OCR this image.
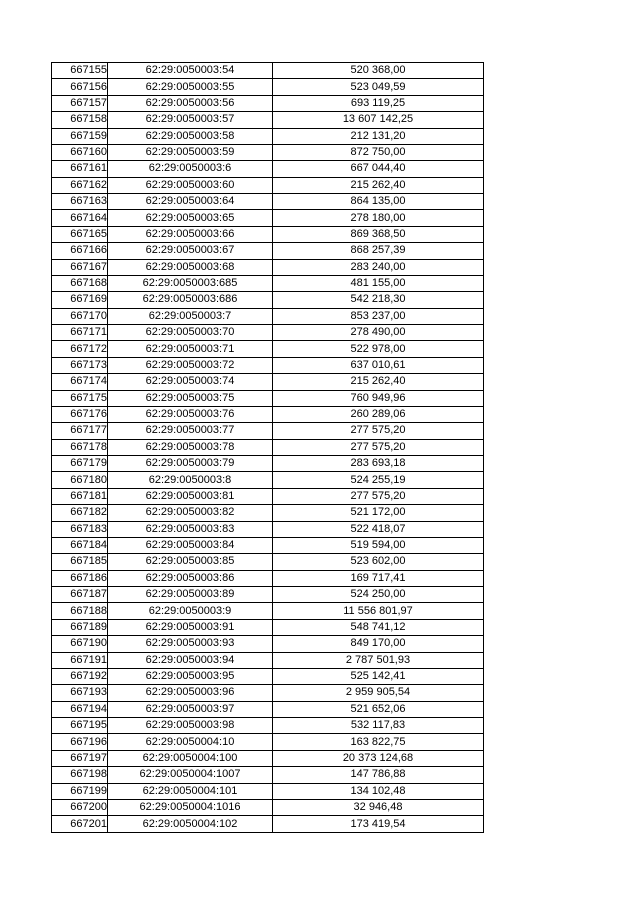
667155	62:29:0050003:54	520 368,00
667156	62:29:0050003:55	523 049,59
667157	62:29:0050003:56	693 119,25
667158	62:29:0050003:57	13 607 142,25
667159	62:29:0050003:58	212 131,20
667160	62:29:0050003:59	872 750,00
667161	62:29:0050003:6	667 044,40
667162	62:29:0050003:60	215 262,40
667163	62:29:0050003:64	864 135,00
667164	62:29:0050003:65	278 180,00
667165	62:29:0050003:66	869 368,50
667166	62:29:0050003:67	868 257,39
667167	62:29:0050003:68	283 240,00
667168	62:29:0050003:685	481 155,00
667169	62:29:0050003:686	542 218,30
667170	62:29:0050003:7	853 237,00
667171	62:29:0050003:70	278 490,00
667172	62:29:0050003:71	522 978,00
667173	62:29:0050003:72	637 010,61
667174	62:29:0050003:74	215 262,40
667175	62:29:0050003:75	760 949,96
667176	62:29:0050003:76	260 289,06
667177	62:29:0050003:77	277 575,20
667178	62:29:0050003:78	277 575,20
667179	62:29:0050003:79	283 693,18
667180	62:29:0050003:8	524 255,19
667181	62:29:0050003:81	277 575,20
667182	62:29:0050003:82	521 172,00
667183	62:29:0050003:83	522 418,07
667184	62:29:0050003:84	519 594,00
667185	62:29:0050003:85	523 602,00
667186	62:29:0050003:86	169 717,41
667187	62:29:0050003:89	524 250,00
667188	62:29:0050003:9	11 556 801,97
667189	62:29:0050003:91	548 741,12
667190	62:29:0050003:93	849 170,00
667191	62:29:0050003:94	2 787 501,93
667192	62:29:0050003:95	525 142,41
667193	62:29:0050003:96	2 959 905,54
667194	62:29:0050003:97	521 652,06
667195	62:29:0050003:98	532 117,83
667196	62:29:0050004:10	163 822,75
667197	62:29:0050004:100	20 373 124,68
667198	62:29:0050004:1007	147 786,88
667199	62:29:0050004:101	134 102,48
667200	62:29:0050004:1016	32 946,48
667201	62:29:0050004:102	173 419,54
